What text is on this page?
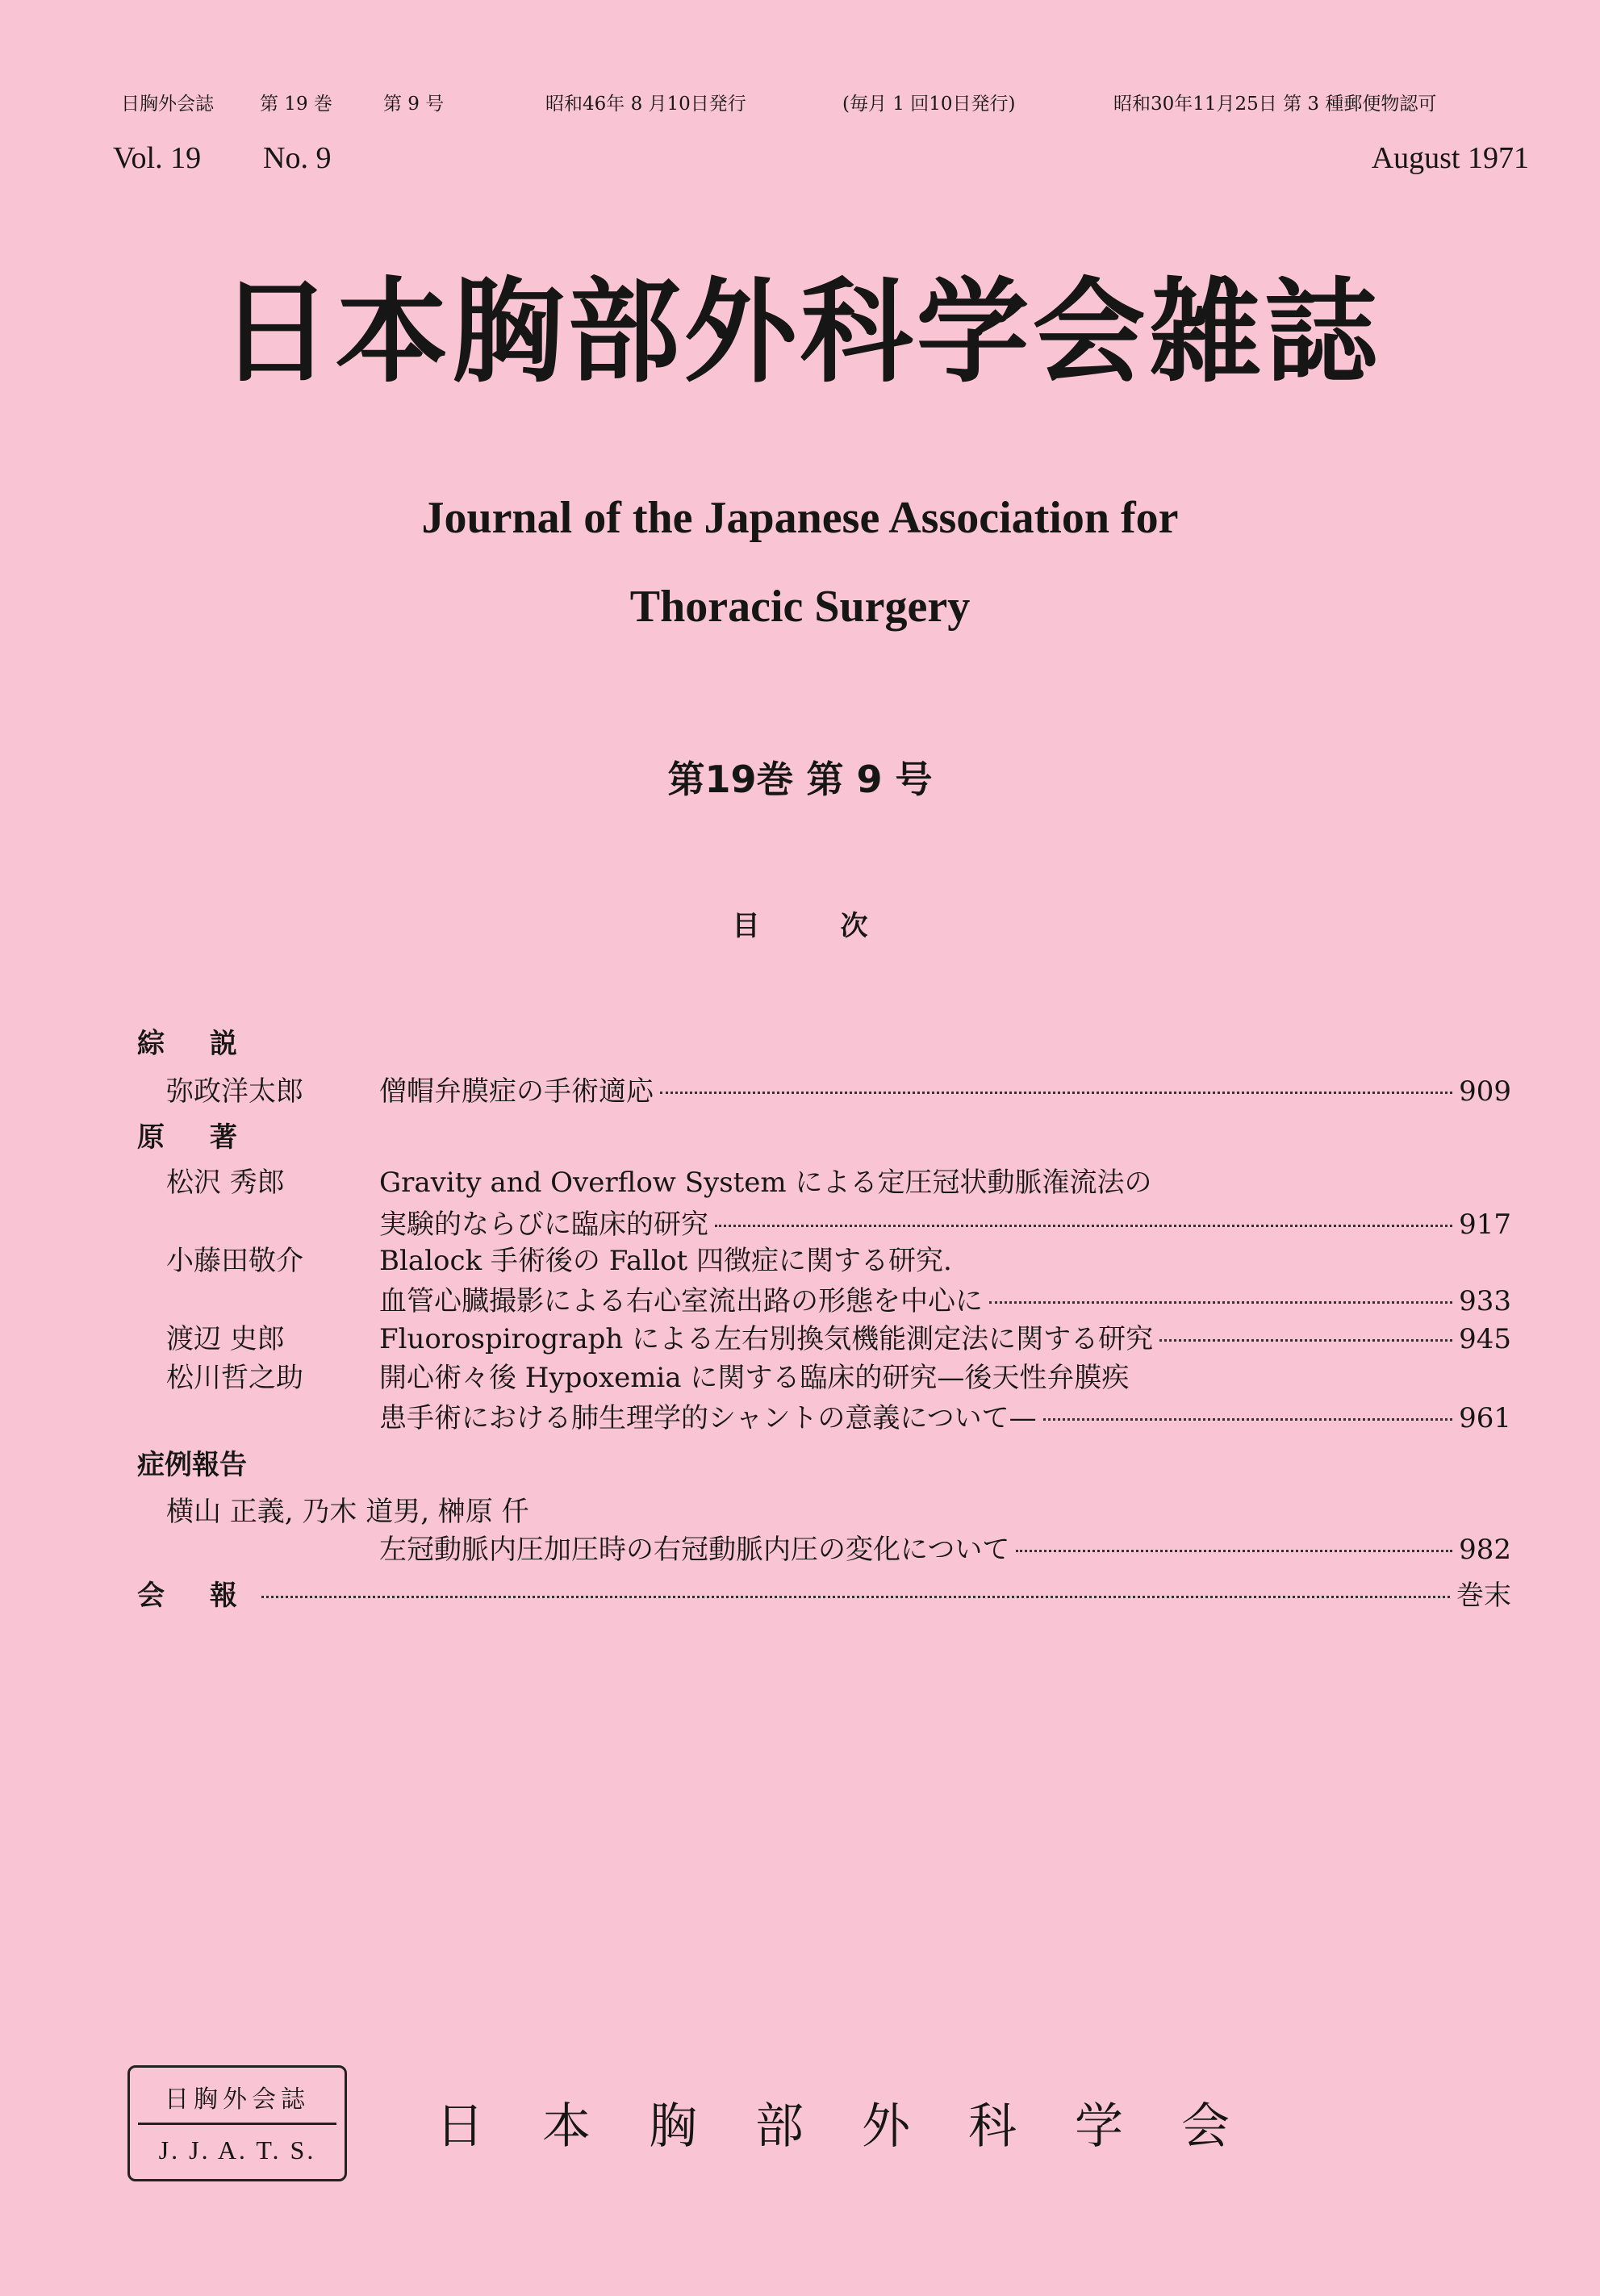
日胸外会誌 第 19 巻	第 9 号	昭和46年 8 月10日発行	(毎月 1 回10日発行)	昭和30年11月25日 第 3 種郵便物認可
Vol. 19 No. 9	August 1971
日本胸部外科学会雑誌
Journal of the Japanese Association for
Thoracic Surgery
第19巻 第 9 号
目次
綜 説
弥政洋太郎	僧帽弁膜症の手術適応	909
原 著
松沢 秀郎	Gravity and Overflow System による定圧冠状動脈潅流法の
実験的ならびに臨床的研究	917
小藤田敬介	Blalock 手術後の Fallot 四徴症に関する研究.
血管心臓撮影による右心室流出路の形態を中心に	933
渡辺 史郎	Fluorospirograph による左右別換気機能測定法に関する研究	945
松川哲之助	開心術々後 Hypoxemia に関する臨床的研究—後天性弁膜疾
患手術における肺生理学的シャントの意義について—	961
症例報告
横山 正義, 乃木 道男, 榊原 仟
左冠動脈内圧加圧時の右冠動脈内圧の変化について	982
会 報	巻末
日胸外会誌
J. J. A. T. S.	日本胸部外科学会
